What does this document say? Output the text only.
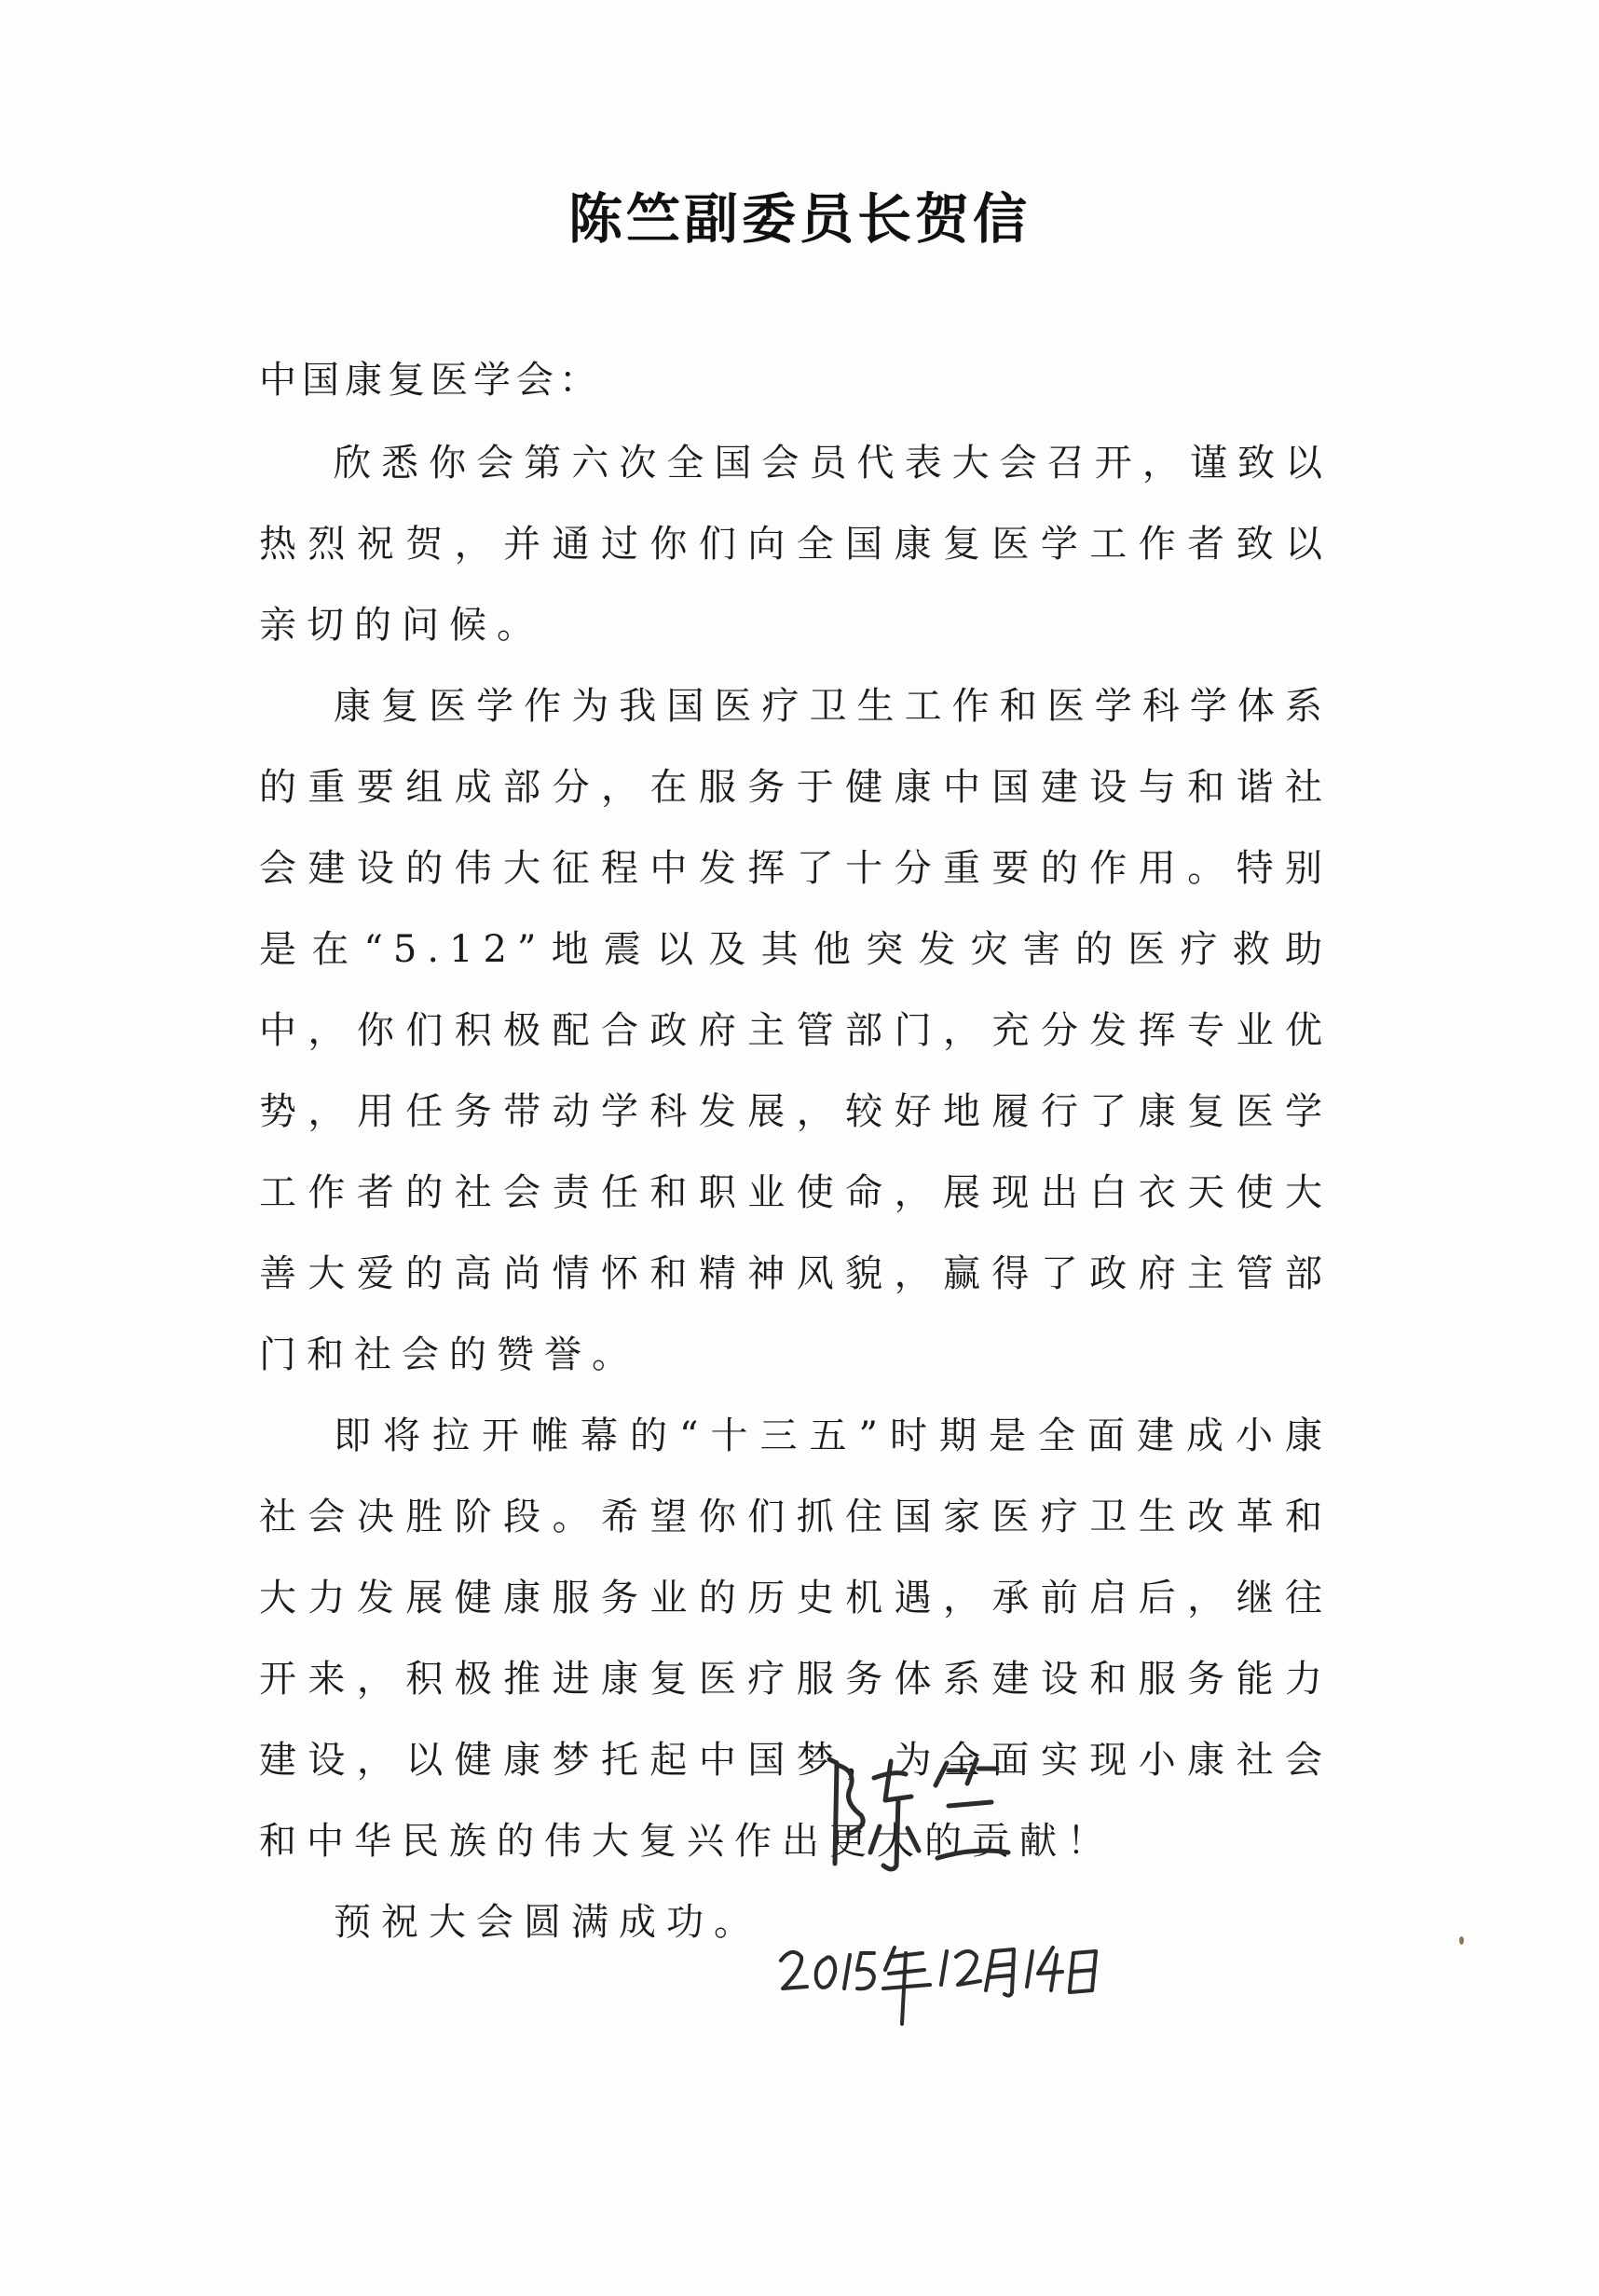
陈竺副委员长贺信
中国康复医学会：

欣悉你会第六次全国会员代表大会召开，谨致以热烈祝贺，并通过你们向全国康复医学工作者致以亲切的问候。

康复医学作为我国医疗卫生工作和医学科学体系的重要组成部分，在服务于健康中国建设与和谐社会建设的伟大征程中发挥了十分重要的作用。特别是在“5.12”地震以及其他突发灾害的医疗救助中，你们积极配合政府主管部门，充分发挥专业优势，用任务带动学科发展，较好地履行了康复医学工作者的社会责任和职业使命，展现出白衣天使大善大爱的高尚情怀和精神风貌，赢得了政府主管部门和社会的赞誉。

即将拉开帷幕的“十三五”时期是全面建成小康社会决胜阶段。希望你们抓住国家医疗卫生改革和大力发展健康服务业的历史机遇，承前启后，继往开来，积极推进康复医疗服务体系建设和服务能力建设，以健康梦托起中国梦，为全面实现小康社会和中华民族的伟大复兴作出更大的贡献！

预祝大会圆满成功。
